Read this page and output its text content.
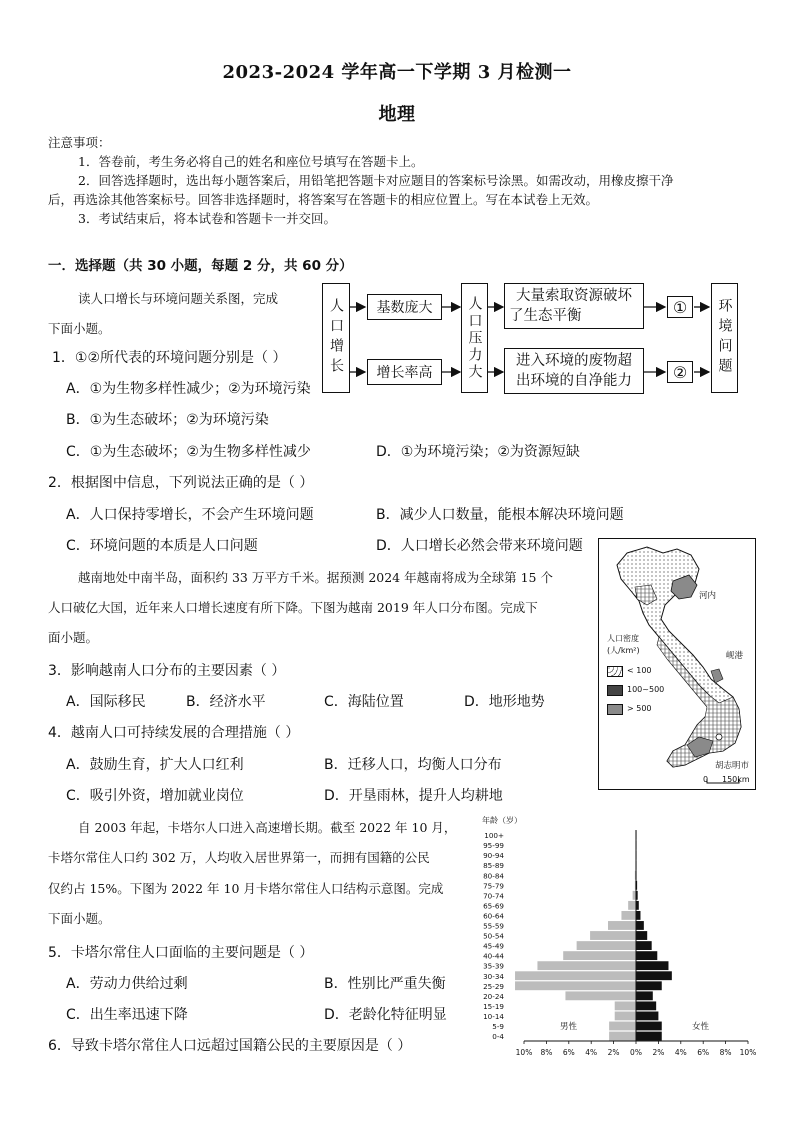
2023-2024 学年高一下学期 3 月检测一
地理
注意事项：
1．答卷前，考生务必将自己的姓名和座位号填写在答题卡上。
2．回答选择题时，选出每小题答案后，用铅笔把答题卡对应题目的答案标号涂黑。如需改动，用橡皮擦干净
后，再选涂其他答案标号。回答非选择题时，将答案写在答题卡的相应位置上。写在本试卷上无效。
3．考试结束后，将本试卷和答题卡一并交回。
一．选择题（共 30 小题，每题 2 分，共 60 分）
读人口增长与环境问题关系图，完成
下面小题。	人口增长	基数庞大
增长率高	人口压力大 大量索取资源破坏
了生态平衡
进入环境的废物超
出环境的自净能力
①
②	环境问题
1．①②所代表的环境问题分别是（ ）
A．①为生物多样性减少；②为环境污染
B．①为生态破坏；②为环境污染
C．①为生态破坏；②为生物多样性减少	D．①为环境污染；②为资源短缺
2．根据图中信息，下列说法正确的是（ ）
A．人口保持零增长，不会产生环境问题	B．减少人口数量，能根本解决环境问题
C．环境问题的本质是人口问题	D．人口增长必然会带来环境问题
越南地处中南半岛，面积约 33 万平方千米。据预测 2024 年越南将成为全球第 15 个
人口破亿大国，近年来人口增长速度有所下降。下图为越南 2019 年人口分布图。完成下
面小题。
河内
岘港
胡志明市
人口密度
(人/km²)
< 100
100~500
> 500
0 150km
3．影响越南人口分布的主要因素（ ）
A．国际移民	B．经济水平	C．海陆位置	D．地形地势
4．越南人口可持续发展的合理措施（ ）
A．鼓励生育，扩大人口红利	B．迁移人口，均衡人口分布
C．吸引外资，增加就业岗位	D．开垦雨林，提升人均耕地
自 2003 年起，卡塔尔人口进入高速增长期。截至 2022 年 10 月，
卡塔尔常住人口约 302 万，人均收入居世界第一，而拥有国籍的公民
仅约占 15%。下图为 2022 年 10 月卡塔尔常住人口结构示意图。完成
下面小题。
5．卡塔尔常住人口面临的主要问题是（ ）
A．劳动力供给过剩	B．性别比严重失衡
C．出生率迅速下降	D．老龄化特征明显
6．导致卡塔尔常住人口远超过国籍公民的主要原因是（ ）
年龄（岁）
0-4
5-9
10-14
15-19
20-24
25-29
30-34
35-39
40-44
45-49
50-54
55-59
60-64
65-69
70-74
75-79
80-84
85-89
90-94
95-99
100+
10% 8% 6% 4% 2% 0% 2% 4% 6% 8% 10%
男性	女性
